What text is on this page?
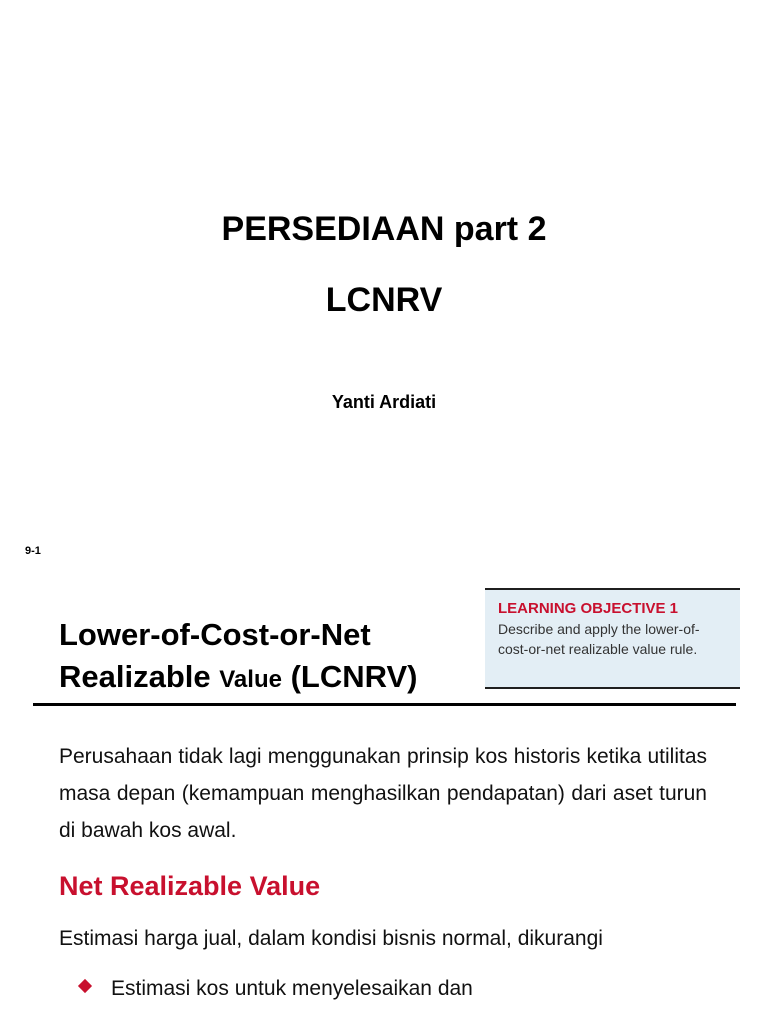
PERSEDIAAN part 2
LCNRV
Yanti Ardiati
9-1
Lower-of-Cost-or-Net
Realizable Value (LCNRV)
LEARNING OBJECTIVE 1
Describe and apply the lower-of-cost-or-net realizable value rule.
Perusahaan tidak lagi menggunakan prinsip kos historis ketika utilitas masa depan (kemampuan menghasilkan pendapatan) dari aset turun di bawah kos awal.
Net Realizable Value
Estimasi harga jual, dalam kondisi bisnis normal, dikurangi
Estimasi kos untuk menyelesaikan dan
